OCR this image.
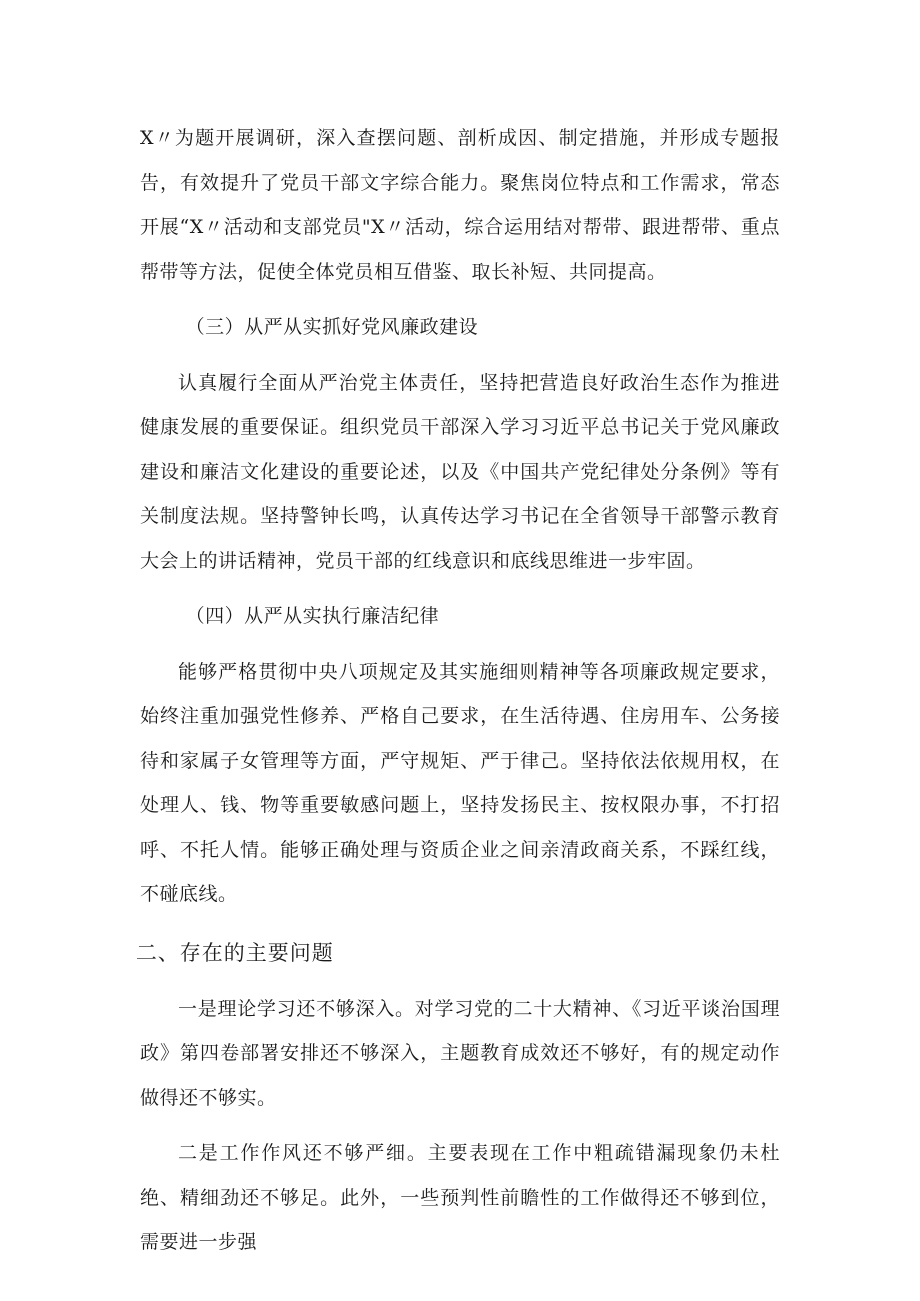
X〃为题开展调研，深入查摆问题、剖析成因、制定措施，并形成专题报告，有效提升了党员干部文字综合能力。聚焦岗位特点和工作需求，常态开展“X〃活动和支部党员"X〃活动，综合运用结对帮带、跟进帮带、重点帮带等方法，促使全体党员相互借鉴、取长补短、共同提高。

（三）从严从实抓好党风廉政建设

认真履行全面从严治党主体责任，坚持把营造良好政治生态作为推进健康发展的重要保证。组织党员干部深入学习习近平总书记关于党风廉政建设和廉洁文化建设的重要论述，以及《中国共产党纪律处分条例》等有关制度法规。坚持警钟长鸣，认真传达学习书记在全省领导干部警示教育大会上的讲话精神，党员干部的红线意识和底线思维进一步牢固。

（四）从严从实执行廉洁纪律

能够严格贯彻中央八项规定及其实施细则精神等各项廉政规定要求，始终注重加强党性修养、严格自己要求，在生活待遇、住房用车、公务接待和家属子女管理等方面，严守规矩、严于律己。坚持依法依规用权，在处理人、钱、物等重要敏感问题上，坚持发扬民主、按权限办事，不打招呼、不托人情。能够正确处理与资质企业之间亲清政商关系，不踩红线，不碰底线。

二、存在的主要问题

一是理论学习还不够深入。对学习党的二十大精神、《习近平谈治国理政》第四卷部署安排还不够深入，主题教育成效还不够好，有的规定动作做得还不够实。

二是工作作风还不够严细。主要表现在工作中粗疏错漏现象仍未杜绝、精细劲还不够足。此外，一些预判性前瞻性的工作做得还不够到位，需要进一步强
